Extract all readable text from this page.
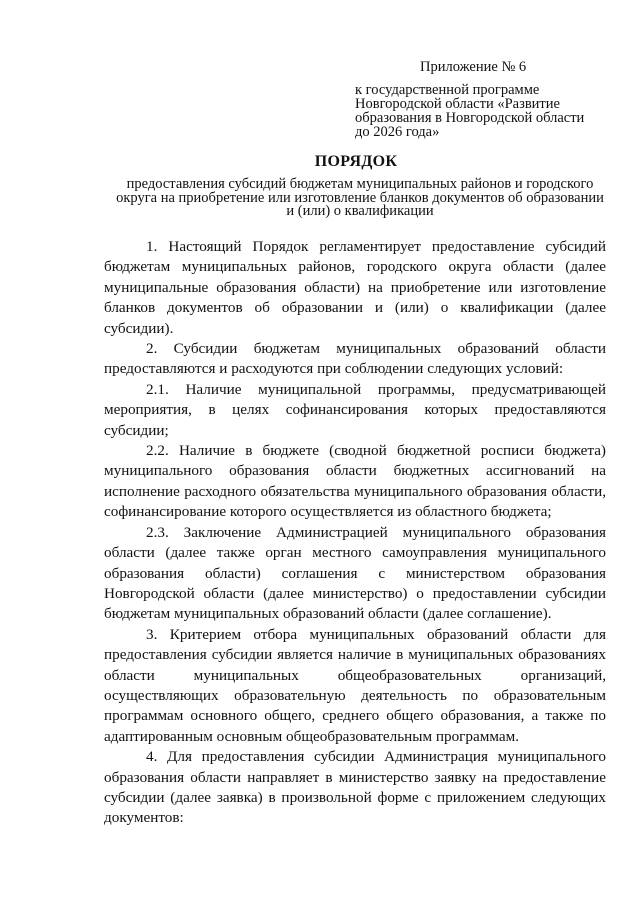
Приложение № 6
к государственной программе
Новгородской области «Развитие
образования в Новгородской области
до 2026 года»
ПОРЯДОК
предоставления субсидий бюджетам муниципальных районов и городского
округа на приобретение или изготовление бланков документов об образовании
и (или) о квалификации

1. Настоящий Порядок регламентирует предоставление субсидий бюджетам муниципальных районов, городского округа области (далее муниципальные образования области) на приобретение или изготовление бланков документов об образовании и (или) о квалификации (далее субсидии).

2. Субсидии бюджетам муниципальных образований области предоставляются и расходуются при соблюдении следующих условий:

2.1. Наличие муниципальной программы, предусматривающей мероприятия, в целях софинансирования которых предоставляются субсидии;

2.2. Наличие в бюджете (сводной бюджетной росписи бюджета) муниципального образования области бюджетных ассигнований на исполнение расходного обязательства муниципального образования области, софинансирование которого осуществляется из областного бюджета;

2.3. Заключение Администрацией муниципального образования области (далее также орган местного самоуправления муниципального образования области) соглашения с министерством образования Новгородской области (далее министерство) о предоставлении субсидии бюджетам муниципальных образований области (далее соглашение).

3. Критерием отбора муниципальных образований области для предоставления субсидии является наличие в муниципальных образованиях области муниципальных общеобразовательных организаций, осуществляющих образовательную деятельность по образовательным программам основного общего, среднего общего образования, а также по адаптированным основным общеобразовательным программам.

4. Для предоставления субсидии Администрация муниципального образования области направляет в министерство заявку на предоставление субсидии (далее заявка) в произвольной форме с приложением следующих документов:
